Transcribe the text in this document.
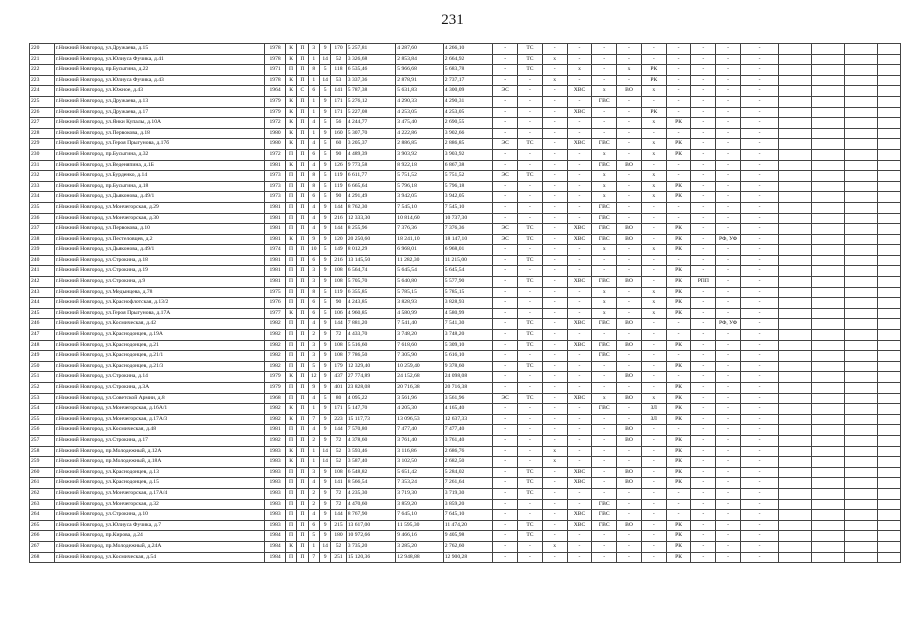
231
220	г.Нижний Новгород, ул.Дружаева, д.15	1978	К	П	3	9	170	5 257,81	4 287,60	4 266,10	-	ТС	-	-	-	-	-	-	-	-	-				
221	г.Нижний Новгород, ул.Юлиуса Фучика, д.41	1978	К	П	1	14	52	3 326,68	2 853,84	2 664,92	-	ТС	х	-	-	-	-	-	-	-	-				
222	г.Нижний Новгород, пр.Бусыгина, д.22	1971	П	П	8	5	118	6 535,46	5 966,68	5 683,78	-	ТС	-	х	-	х	РК	-	-	-	-				
223	г.Нижний Новгород, ул.Юлиуса Фучика, д.43	1978	К	П	1	14	53	3 337,36	2 878,91	2 737,17	-	-	х	-	-	-	РК	-	-	-	-				
224	г.Нижний Новгород, ул.Южное, д.43	1964	К	С	6	5	141	5 787,38	5 631,83	4 300,09	ЭС	-	-	ХВС	х	ВО	х	-	-	-	-				
225	г.Нижний Новгород, ул.Дружаева, д.13	1979	К	П	1	9	171	5 276,12	4 290,33	4 290,31	-	-	-	-	ГВС	-	-	-	-	-	-				
226	г.Нижний Новгород, ул.Дружаева, д.17	1979	К	П	1	9	171	5 227,08	4 253,05	4 253,05	-	-	-	ХВС	-	-	РК	-	-	-	-				
227	г.Нижний Новгород, ул.Янки Купалы, д.10А	1972	К	П	4	5	56	4 244,77	3 475,40	2 690,55	-	-	-	-	-	-	х	РК	-	-	-				
228	г.Нижний Новгород, ул.Первокова, д.18	1980	К	П	1	9	160	5 307,70	4 222,86	3 902,66	-	-	-	-	-	-	-	-	-	-	-				
229	г.Нижний Новгород, ул.Героя Прыгунова, д.17б	1980	К	П	4	5	60	3 205,37	2 886,85	2 886,85	ЭС	ТС	-	ХВС	ГВС	-	х	РК	-	-	-				
230	г.Нижний Новгород, пр.Бусыгина, д.32	1972	П	П	6	5	90	4 489,39	3 903,92	3 903,92	-	-	-	-	х	-	х	РК	-	-	-				
231	г.Нижний Новгород, ул.Веденяпина, д.1Б	1981	К	П	4	9	126	9 773,58	8 922,18	6 867,38	-	-	-	-	ГВС	ВО	-	-	-	-	-				
232	г.Нижний Новгород, ул.Бурденко, д.14	1973	П	П	8	5	119	6 611,77	5 751,52	5 751,52	ЭС	ТС	-	-	х	-	х	-	-	-	-				
233	г.Нижний Новгород, пр.Бусыгина, д.18	1973	П	П	8	5	119	6 665,64	5 796,18	5 796,18	-	-	-	-	х	-	х	РК	-	-	-				
234	г.Нижний Новгород, ул.Дьяконова, д.49/1	1973	П	П	6	5	90	4 291,49	3 942,05	3 942,05	-	-	-	-	х	-	х	РК	-	-	-				
235	г.Нижний Новгород, ул.Мончегорская, д.29	1981	П	П	4	9	144	8 762,30	7 545,10	7 545,10	-	-	-	-	ГВС	-	-	-	-	-	-				
236	г.Нижний Новгород, ул.Мончегорская, д.30	1981	П	П	4	9	216	12 333,30	10 814,60	10 737,30	-	-	-	-	ГВС	-	-	-	-	-	-				
237	г.Нижний Новгород, ул.Первокова, д.10	1981	П	П	4	9	144	8 255,96	7 376,36	7 376,36	ЭС	ТС	-	ХВС	ГВС	ВО	-	РК	-	-	-				
238	г.Нижний Новгород, ул.Пестеловцев, д.2	1981	К	П	9	9	120	20 250,60	18 241,10	18 147,10	ЭС	ТС	-	ХВС	ГВС	ВО	-	РК	-	РФ, УФ	-				
239	г.Нижний Новгород, ул.Дьяконова, д.49/1	1974	П	П	10	5	149	8 012,29	6 968,01	6 968,01	-	-	-	-	х	-	х	РК	-	-	-				
240	г.Нижний Новгород, ул.Строкина, д.18	1981	П	П	6	9	216	13 145,50	11 282,30	11 215,00	-	ТС	-	-	-	-	-	-	-	-	-				
241	г.Нижний Новгород, ул.Строкина, д.19	1981	П	П	3	9	108	6 564,74	5 645,54	5 645,54	-	-	-	-	-	-	-	РК	-	-	-				
242	г.Нижний Новгород, ул.Строкина, д.9	1981	П	П	3	9	108	5 705,70	5 640,80	5 577,90	-	ТС	-	ХВС	ГВС	ВО	-	РК	РПП	-	-				
243	г.Нижний Новгород, ул.Медынцева, д.78	1975	П	П	8	5	119	6 355,85	5 785,15	5 785,15	-	-	-	-	х	-	х	РК	-	-	-				
244	г.Нижний Новгород, ул.Краснофлотская, д.13/2	1976	П	П	6	5	90	4 243,85	3 828,93	3 828,93	-	-	-	-	х	-	х	РК	-	-	-				
245	г.Нижний Новгород, ул.Героя Прыгунова, д.17А	1977	К	П	6	5	106	4 960,85	4 580,99	4 580,99	-	-	-	-	х	-	х	РК	-	-	-				
246	г.Нижний Новгород, ул.Космическая, д.42	1982	П	П	4	9	144	7 881,20	7 541,40	7 541,30	-	ТС	-	ХВС	ГВС	ВО	-	-	-	РФ, УФ	-				
247	г.Нижний Новгород, ул.Краснодонцев, д.19А	1982	П	П	2	9	72	4 433,70	3 748,20	3 748,20	-	ТС	-	-	-	-	-	-	-	-	-				
248	г.Нижний Новгород, ул.Краснодонцев, д.21	1982	П	П	3	9	108	5 516,60	7 618,60	5 309,10	-	ТС	-	ХВС	ГВС	ВО	-	РК	-	-	-				
249	г.Нижний Новгород, ул.Краснодонцев, д.21/1	1982	П	П	3	9	108	7 786,50	7 305,90	5 616,10	-	-	-	-	ГВС	-	-	-	-	-	-				
250	г.Нижний Новгород, ул.Краснодонцев, д.21/3	1982	П	П	5	9	179	12 329,40	10 259,40	9 378,60	-	ТС	-	-	-	-	-	РК	-	-	-				
251	г.Нижний Новгород, ул.Строкина, д.14	1979	К	П	12	9	437	27 774,89	24 152,68	24 098,08	-	-	-	-	-	ВО	-	-	-	-	-				
252	г.Нижний Новгород, ул.Строкина, д.3А	1979	П	П	9	9	401	23 828,08	20 716,38	20 716,38	-	-	-	-	-	-	-	РК	-	-	-				
253	г.Нижний Новгород, ул.Советской Армии, д.8	1968	П	П	4	5	80	4 095,22	3 561,96	3 561,96	ЭС	ТС	-	ХВС	х	ВО	х	РК	-	-	-				
254	г.Нижний Новгород, ул.Мончегорская, д.16А/1	1982	К	П	1	9	171	5 147,70	4 205,30	4 165,40	-	-	-	-	ГВС	-	ЗЛ	РК	-	-	-				
255	г.Нижний Новгород, ул.Мончегорская, д.17А/3	1982	К	П	7	9	223	15 117,73	13 096,53	12 637,33	-	-	-	-	-	-	ЗЛ	РК	-	-	-				
256	г.Нижний Новгород, ул.Космическая, д.48	1981	П	П	4	9	144	7 570,80	7 477,40	7 477,40	-	-	-	-	-	ВО	-	-	-	-	-				
257	г.Нижний Новгород, ул.Строкина, д.17	1982	П	П	2	9	72	4 378,60	3 761,40	3 761,40	-	-	-	-	-	ВО	-	РК	-	-	-				
258	г.Нижний Новгород, пр.Молодежный, д.12А	1983	К	П	1	14	52	3 593,46	3 116,86	2 686,76	-	-	х	-	-	-	-	РК	-	-	-				
259	г.Нижний Новгород, пр.Молодежный, д.18А	1983	К	П	1	14	52	3 587,40	3 102,50	2 682,50	-	-	х	-	-	-	-	РК	-	-	-				
260	г.Нижний Новгород, ул.Краснодонцев, д.13	1983	П	П	3	9	108	6 548,82	5 651,42	5 284,02	-	ТС	-	ХВС	-	ВО	-	РК	-	-	-				
261	г.Нижний Новгород, ул.Краснодонцев, д.15	1983	П	П	4	9	141	8 566,54	7 353,24	7 261,64	-	ТС	-	ХВС	-	ВО	-	РК	-	-	-				
262	г.Нижний Новгород, ул.Мончегорская, д.17А/4	1983	П	П	2	9	72	4 235,30	3 719,30	3 719,30	-	ТС	-	-	-	-	-	-	-	-	-				
263	г.Нижний Новгород, ул.Мончегорская, д.32	1983	П	П	2	9	72	4 470,60	3 859,20	3 859,20	-	-	-	-	ГВС	-	-	-	-	-	-				
264	г.Нижний Новгород, ул.Строкина, д.10	1983	П	П	4	9	144	8 767,90	7 645,10	7 645,10	-	-	-	ХВС	ГВС	-	-	-	-	-	-				
265	г.Нижний Новгород, ул.Юлиуса Фучика, д.7	1983	П	П	6	9	215	13 617,00	11 595,30	11 474,20	-	ТС	-	ХВС	ГВС	ВО	-	РК	-	-	-				
266	г.Нижний Новгород, пр.Кирова, д.24	1984	П	П	5	9	180	10 972,66	9 466,16	9 405,98	-	ТС	-	-	-	-	-	РК	-	-	-				
267	г.Нижний Новгород, пр.Молодежный, д.24А	1984	К	П	1	14	52	3 735,20	3 285,20	2 762,60	-	-	х	-	-	-	-	РК	-	-	-				
268	г.Нижний Новгород, ул.Космическая, д.54	1984	П	П	7	9	251	15 120,36	12 948,88	12 900,28	-	-	-	-	-	-	-	РК	-	-	-				
